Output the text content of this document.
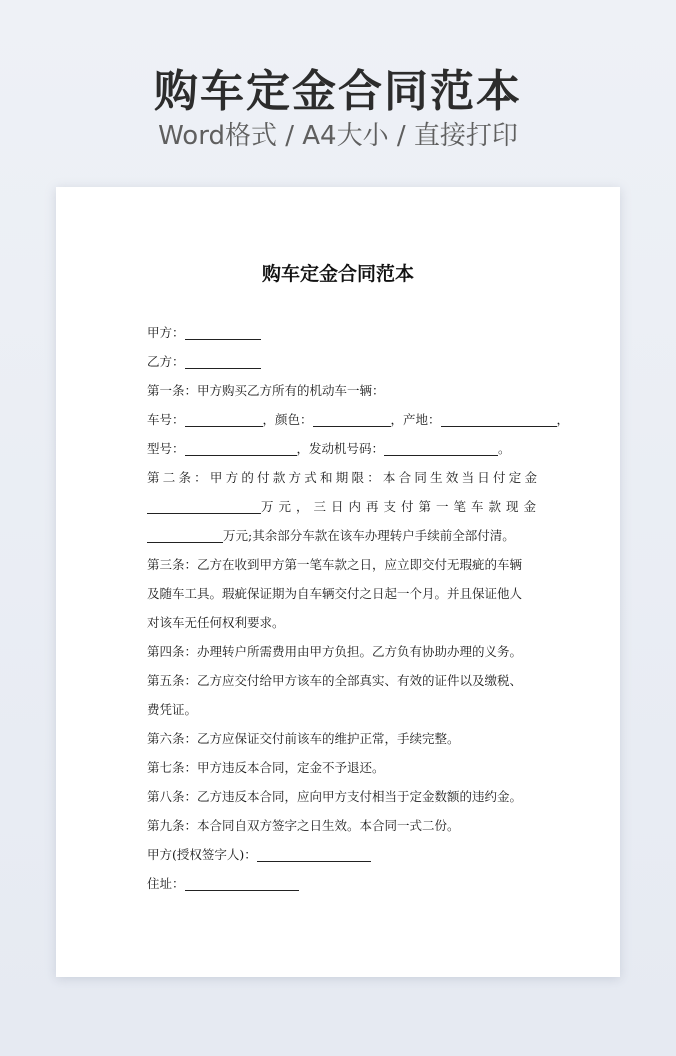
购车定金合同范本
Word格式 / A4大小 / 直接打印
购车定金合同范本
甲方：
乙方：
第一条：甲方购买乙方所有的机动车一辆：
车号：	，颜色：	，产地：	，
型号：	，发动机号码：	。
第二条：甲方的付款方式和期限：本合同生效当日付定金
万元，三日内再支付第一笔车款现金
万元;其余部分车款在该车办理转户手续前全部付清。
第三条：乙方在收到甲方第一笔车款之日，应立即交付无瑕疵的车辆
及随车工具。瑕疵保证期为自车辆交付之日起一个月。并且保证他人
对该车无任何权利要求。
第四条：办理转户所需费用由甲方负担。乙方负有协助办理的义务。
第五条：乙方应交付给甲方该车的全部真实、有效的证件以及缴税、
费凭证。
第六条：乙方应保证交付前该车的维护正常，手续完整。
第七条：甲方违反本合同，定金不予退还。
第八条：乙方违反本合同，应向甲方支付相当于定金数额的违约金。
第九条：本合同自双方签字之日生效。本合同一式二份。
甲方(授权签字人)：
住址：
